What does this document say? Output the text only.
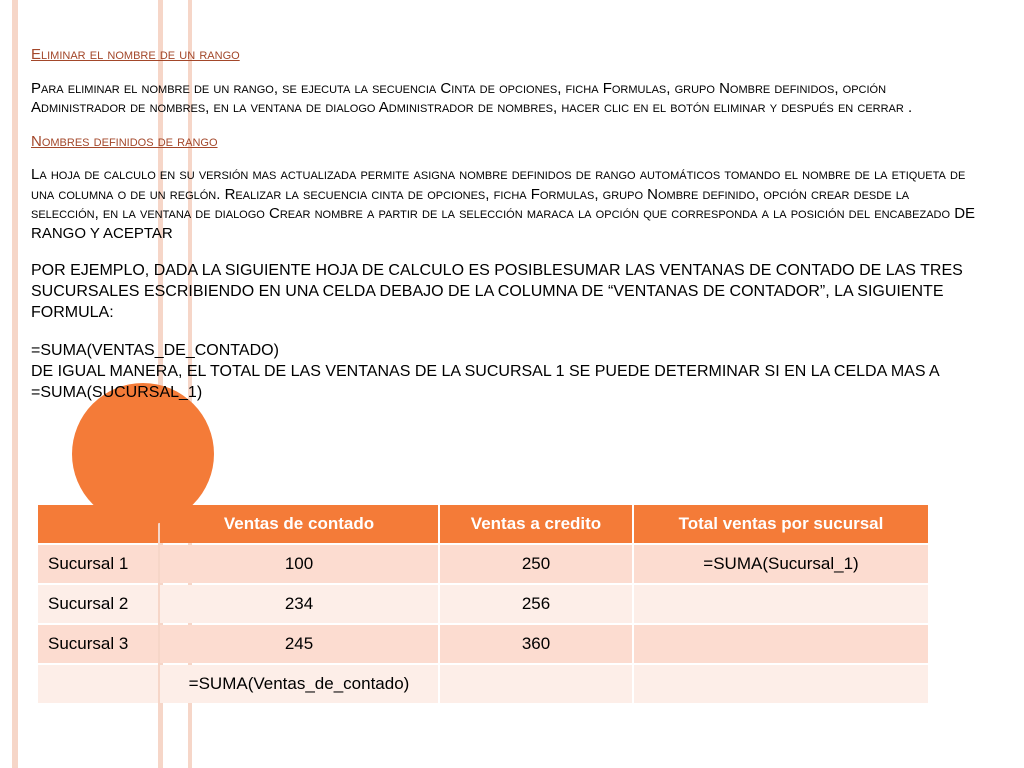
Eliminar el nombre de un rango

Para eliminar el nombre de un rango, se ejecuta la secuencia Cinta de opciones, ficha Formulas, grupo Nombre definidos, opción Administrador de nombres, en la ventana de dialogo Administrador de nombres, hacer clic en el botón eliminar y después en cerrar .

Nombres definidos de rango

La hoja de calculo en su versión mas actualizada permite asigna nombre definidos de rango automáticos tomando el nombre de la etiqueta de una columna o de un reglón. Realizar la secuencia cinta de opciones, ficha Formulas, grupo Nombre definido, opción crear desde la selección, en la ventana de dialogo Crear nombre a partir de la selección maraca la opción que corresponda a la posición del encabezado DE RANGO Y ACEPTAR

POR EJEMPLO, DADA LA SIGUIENTE HOJA DE CALCULO ES POSIBLESUMAR LAS VENTANAS DE CONTADO DE LAS TRES SUCURSALES ESCRIBIENDO EN UNA CELDA DEBAJO DE LA COLUMNA DE “VENTANAS DE CONTADOR”, LA SIGUIENTE FORMULA:

=SUMA(VENTAS_DE_CONTADO)

DE IGUAL MANERA, EL TOTAL DE LAS VENTANAS DE LA SUCURSAL 1 SE PUEDE DETERMINAR SI EN LA CELDA MAS A

=SUMA(SUCURSAL_1)

	Ventas de contado	Ventas a credito	Total ventas por sucursal
Sucursal 1	100	250	=SUMA(Sucursal_1)
Sucursal 2	234	256	
Sucursal 3	245	360	
	=SUMA(Ventas_de_contado)		
